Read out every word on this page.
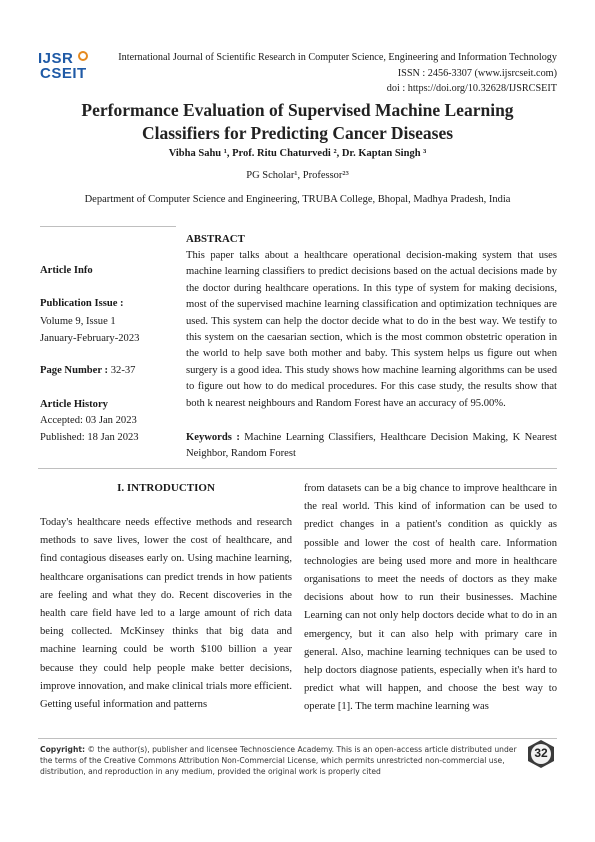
IJSR
CSEIT
International Journal of Scientific Research in Computer Science, Engineering and Information Technology
ISSN : 2456-3307 (www.ijsrcseit.com)
doi : https://doi.org/10.32628/IJSRCSEIT
Performance Evaluation of Supervised Machine Learning
Classifiers for Predicting Cancer Diseases
Vibha Sahu ¹, Prof. Ritu Chaturvedi ², Dr. Kaptan Singh ³
PG Scholar¹, Professor²³
Department of Computer Science and Engineering, TRUBA College, Bhopal, Madhya Pradesh, India
Article Info
Publication Issue :
Volume 9, Issue 1
January-February-2023
Page Number : 32-37
Article History
Accepted: 03 Jan 2023
Published: 18 Jan 2023
ABSTRACT
This paper talks about a healthcare operational decision-making system that uses machine learning classifiers to predict decisions based on the actual decisions made by the doctor during healthcare operations. In this type of system for making decisions, most of the supervised machine learning classification and optimization techniques are used. This system can help the doctor decide what to do in the best way. We testify to this system on the caesarian section, which is the most common obstetric operation in the world to help save both mother and baby. This system helps us figure out when surgery is a good idea. This study shows how machine learning algorithms can be used to figure out how to do medical procedures. For this case study, the results show that both k nearest neighbours and Random Forest have an accuracy of 95.00%.
Keywords : Machine Learning Classifiers, Healthcare Decision Making, K Nearest Neighbor, Random Forest
I. INTRODUCTION
Today's healthcare needs effective methods and research methods to save lives, lower the cost of healthcare, and find contagious diseases early on. Using machine learning, healthcare organisations can predict trends in how patients are feeling and what they do. Recent discoveries in the health care field have led to a large amount of rich data being collected. McKinsey thinks that big data and machine learning could be worth $100 billion a year because they could help people make better decisions, improve innovation, and make clinical trials more efficient. Getting useful information and patterns
from datasets can be a big chance to improve healthcare in the real world. This kind of information can be used to predict changes in a patient's condition as quickly as possible and lower the cost of health care. Information technologies are being used more and more in healthcare organisations to meet the needs of doctors as they make decisions about how to run their businesses. Machine Learning can not only help doctors decide what to do in an emergency, but it can also help with primary care in general. Also, machine learning techniques can be used to help doctors diagnose patients, especially when it's hard to predict what will happen, and choose the best way to operate [1]. The term machine learning was
Copyright: © the author(s), publisher and licensee Technoscience Academy. This is an open-access article distributed under the terms of the Creative Commons Attribution Non-Commercial License, which permits unrestricted non-commercial use, distribution, and reproduction in any medium, provided the original work is properly cited
32
